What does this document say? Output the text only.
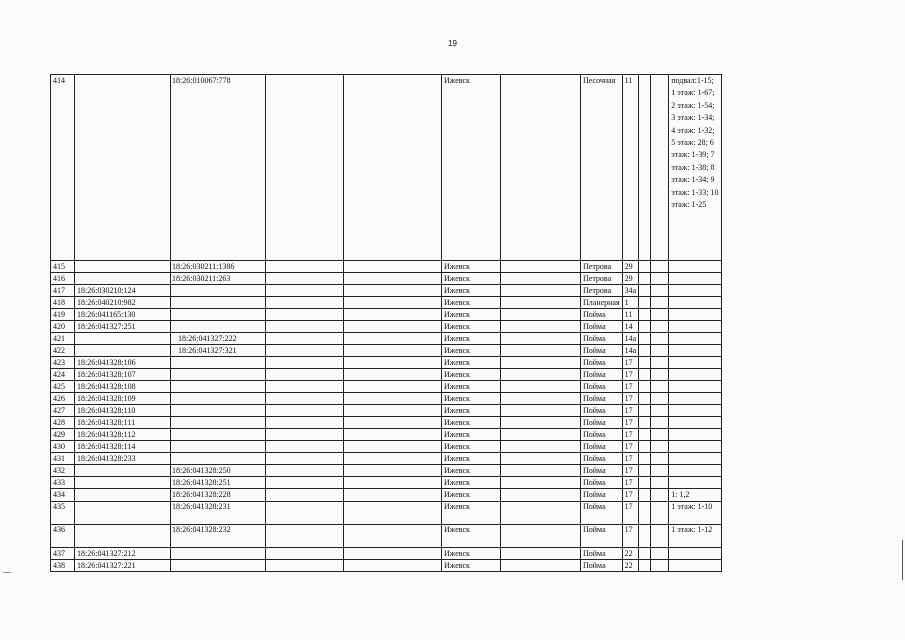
19
414		18:26:010067:778			Ижевск		Песочная	11			подвал:1-15; 1 этаж: 1-67; 2 этаж: 1-54; 3 этаж: 1-34; 4 этаж: 1-32; 5 этаж: 28; 6 этаж: 1-39; 7 этаж: 1-38; 8 этаж: 1-34; 9 этаж: 1-33; 10 этаж: 1-25
415		18:26:030211:1386			Ижевск		Петрова	29			
416		18:26:030211:263			Ижевск		Петрова	29			
417	18:26:030210:124				Ижевск		Петрова	34а			
418	18:26:040210:982				Ижевск		Планерная	1			
419	18:26:041165:130				Ижевск		Пойма	11			
420	18:26:041327:251				Ижевск		Пойма	14			
421		18:26:041327:222			Ижевск		Пойма	14а			
422		18:26:041327:321			Ижевск		Пойма	14а			
423	18:26:041328:106				Ижевск		Пойма	17			
424	18:26:041328:107				Ижевск		Пойма	17			
425	18:26:041328:108				Ижевск		Пойма	17			
426	18:26:041328:109				Ижевск		Пойма	17			
427	18:26:041328:110				Ижевск		Пойма	17			
428	18:26:041328:111				Ижевск		Пойма	17			
429	18:26:041328:112				Ижевск		Пойма	17			
430	18:26:041328:114				Ижевск		Пойма	17			
431	18:26:041328:233				Ижевск		Пойма	17			
432		18:26:041328:250			Ижевск		Пойма	17			
433		18:26:041328:251			Ижевск		Пойма	17			
434		18:26:041328:228			Ижевск		Пойма	17			1: 1,2
435		18:26:041328:231			Ижевск		Пойма	17			1 этаж: 1-10
436		18:26:041328:232			Ижевск		Пойма	17			1 этаж: 1-12
437	18:26:041327:212				Ижевск		Пойма	22			
438	18:26:041327:221				Ижевск		Пойма	22			
